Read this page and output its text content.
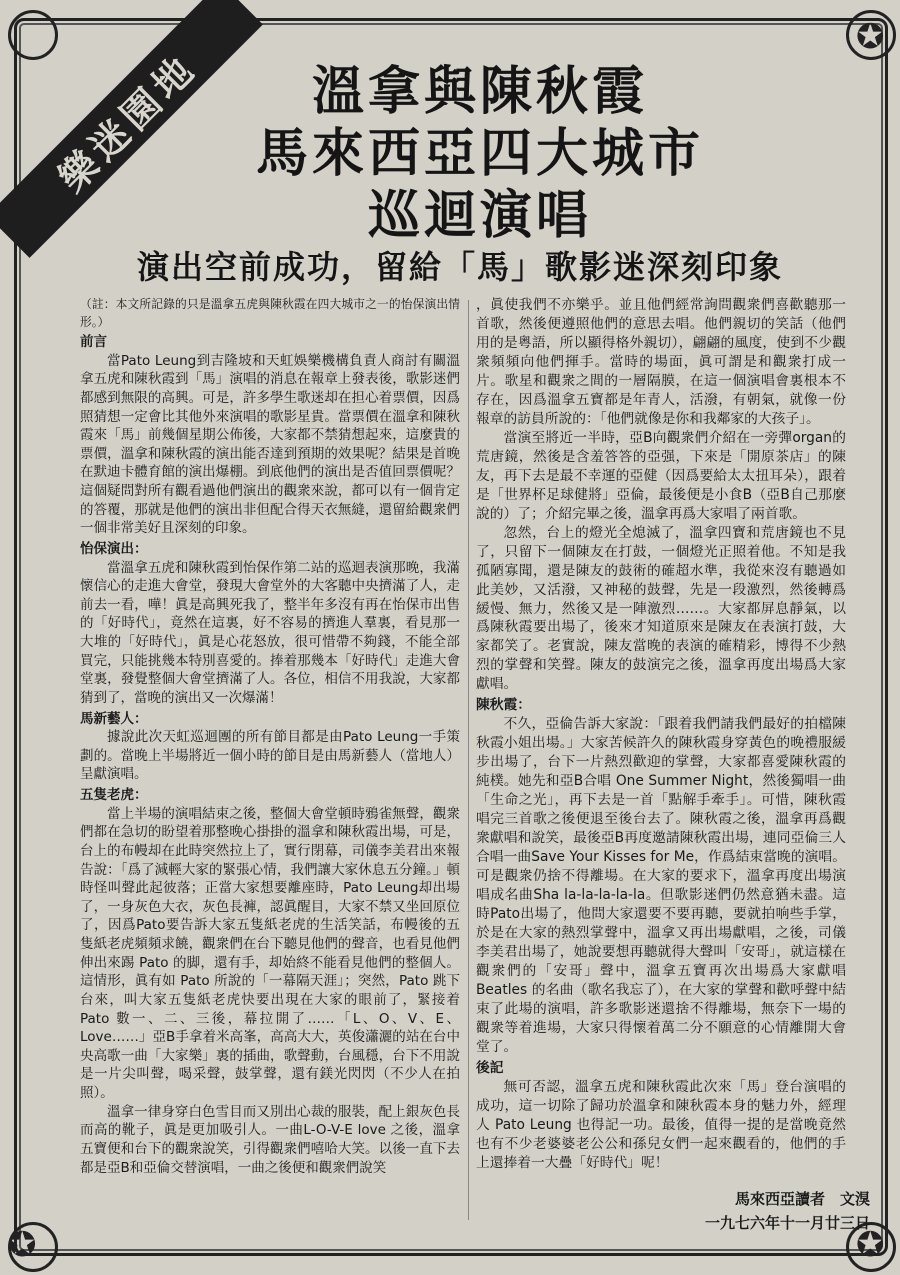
✪
✪
✪
樂迷園地	溫拿與陳秋霞
馬來西亞四大城市
巡迴演唱
演出空前成功，留給「馬」歌影迷深刻印象
（註：本文所記錄的只是溫拿五虎與陳秋霞在四大城市之一的怡保演出情形。）
前言

當Pato Leung到吉隆坡和天虹娛樂機構負責人商討有關溫拿五虎和陳秋霞到「馬」演唱的消息在報章上發表後，歌影迷們都感到無限的高興。可是，許多學生歌迷却在担心着票價，因爲照猜想一定會比其他外來演唱的歌影星貴。當票價在溫拿和陳秋霞來「馬」前幾個星期公佈後，大家都不禁猜想起來，這麼貴的票價，溫拿和陳秋霞的演出能否達到預期的效果呢？結果是首晚在默迪卡體育館的演出爆棚。到底他們的演出是否值回票價呢？這個疑問對所有觀看過他們演出的觀衆來說，都可以有一個肯定的答覆，那就是他們的演出非但配合得天衣無縫，還留給觀衆們一個非常美好且深刻的印象。

怡保演出：

當溫拿五虎和陳秋霞到怡保作第二站的巡迴表演那晚，我滿懷信心的走進大會堂，發現大會堂外的大客聽中央擠滿了人，走前去一看，嘩！眞是高興死我了，整半年多沒有再在怡保市出售的「好時代」，竟然在這裏，好不容易的擠進人羣裏，看見那一大堆的「好時代」，眞是心花怒放，很可惜帶不夠錢，不能全部買完，只能挑幾本特別喜愛的。捧着那幾本「好時代」走進大會堂裏，發覺整個大會堂擠滿了人。各位，相信不用我說，大家都猜到了，當晚的演出又一次爆滿！

馬新藝人：

據說此次天虹巡迴團的所有節目都是由Pato Leung一手策劃的。當晚上半場將近一個小時的節目是由馬新藝人（當地人）呈獻演唱。

五隻老虎：

當上半場的演唱結束之後，整個大會堂頓時鴉雀無聲，觀衆們都在急切的盼望着那整晚心掛掛的溫拿和陳秋霞出場，可是，台上的布幔却在此時突然拉上了，實行閉幕，司儀李美君出來報告說：「爲了減輕大家的緊張心情，我們讓大家休息五分鐘。」頓時怪叫聲此起彼落；正當大家想要離座時，Pato Leung却出場了，一身灰色大衣，灰色長褲，認眞醒目，大家不禁又坐回原位了，因爲Pato要告訴大家五隻紙老虎的生活笑話，布幔後的五隻紙老虎頻頻求饒，觀衆們在台下聽見他們的聲音，也看見他們伸出來踢 Pato 的脚，還有手，却始終不能看見他們的整個人。這情形，眞有如 Pato 所說的「一幕隔天涯」；突然，Pato 跳下台來，叫大家五隻紙老虎快要出現在大家的眼前了，緊接着 Pato 數一、二、三後，幕拉開了……「L、O、V、E、Love……」亞B手拿着米高峯，高高大大，英俊瀟灑的站在台中央高歌一曲「大家樂」裏的插曲，歌聲動，台風穩，台下不用說是一片尖叫聲，喝采聲，鼓掌聲，還有鎂光閃閃（不少人在拍照）。

溫拿一律身穿白色雪目而又別出心裁的服裝，配上銀灰色長而高的靴子，眞是更加吸引人。一曲L-O-V-E love 之後，溫拿五寶便和台下的觀衆說笑，引得觀衆們嘻哈大笑。以後一直下去都是亞B和亞倫交替演唱，一曲之後便和觀衆們說笑

，眞使我們不亦樂乎。並且他們經常詢問觀衆們喜歡聽那一首歌，然後便遵照他們的意思去唱。他們親切的笑話（他們用的是粵語，所以顯得格外親切），翩翩的風度，使到不少觀衆頻頻向他們揮手。當時的場面，眞可謂是和觀衆打成一片。歌星和觀衆之間的一層隔膜，在這一個演唱會裏根本不存在，因爲溫拿五寶都是年青人，活潑，有朝氣，就像一份報章的訪員所說的：「他們就像是你和我鄰家的大孩子」。

當演至將近一半時，亞B向觀衆們介紹在一旁彈organ的荒唐鏡，然後是含羞答答的亞强，下來是「開原茶店」的陳友，再下去是最不幸運的亞健（因爲要給太太扭耳朵），跟着是「世界杯足球健將」亞倫，最後便是小食B（亞B自己那麼說的）了；介紹完畢之後，溫拿再爲大家唱了兩首歌。

忽然，台上的燈光全熄滅了，溫拿四寶和荒唐鏡也不見了，只留下一個陳友在打鼓，一個燈光正照着他。不知是我孤陋寡聞，還是陳友的鼓術的確超水準，我從來沒有聽過如此美妙，又活潑，又神秘的鼓聲，先是一段激烈，然後轉爲緩慢、無力，然後又是一陣激烈……。大家都屏息靜氣，以爲陳秋霞要出場了，後來才知道原來是陳友在表演打鼓，大家都笑了。老實說，陳友當晚的表演的確精彩，博得不少熱烈的掌聲和笑聲。陳友的鼓演完之後，溫拿再度出場爲大家獻唱。

陳秋霞：

不久，亞倫告訴大家說：「跟着我們請我們最好的拍檔陳秋霞小姐出場。」大家苦候許久的陳秋霞身穿黃色的晚禮服緩步出場了，台下一片熱烈歡迎的掌聲，大家都喜愛陳秋霞的純樸。她先和亞B合唱 One Summer Night，然後獨唱一曲「生命之光」，再下去是一首「點解手牽手」。可惜，陳秋霞唱完三首歌之後便退至後台去了。陳秋霞之後，溫拿再爲觀衆獻唱和說笑，最後亞B再度邀請陳秋霞出場，連同亞倫三人合唱一曲Save Your Kisses for Me，作爲結束當晚的演唱。可是觀衆仍捨不得離場。在大家的要求下，溫拿再度出場演唱成名曲Sha la-la-la-la-la。但歌影迷們仍然意猶未盡。這時Pato出場了，他問大家還要不要再聽，要就拍响些手掌，於是在大家的熱烈掌聲中，溫拿又再出場獻唱，之後，司儀李美君出場了，她說要想再聽就得大聲叫「安哥」，就這樣在觀衆們的「安哥」聲中，溫拿五寶再次出場爲大家獻唱Beatles 的名曲（歌名我忘了），在大家的掌聲和歡呼聲中結束了此場的演唱，許多歌影迷還捨不得離場，無奈下一場的觀衆等着進場，大家只得懷着萬二分不願意的心情離開大會堂了。

後記

無可否認，溫拿五虎和陳秋霞此次來「馬」登台演唱的成功，這一切除了歸功於溫拿和陳秋霞本身的魅力外，經理人 Pato Leung 也得記一功。最後，值得一提的是當晚竟然也有不少老婆婆老公公和孫兒女們一起來觀看的，他們的手上還捧着一大疊「好時代」呢！

馬來西亞讀者　文湨
一九七六年十一月廿三日
